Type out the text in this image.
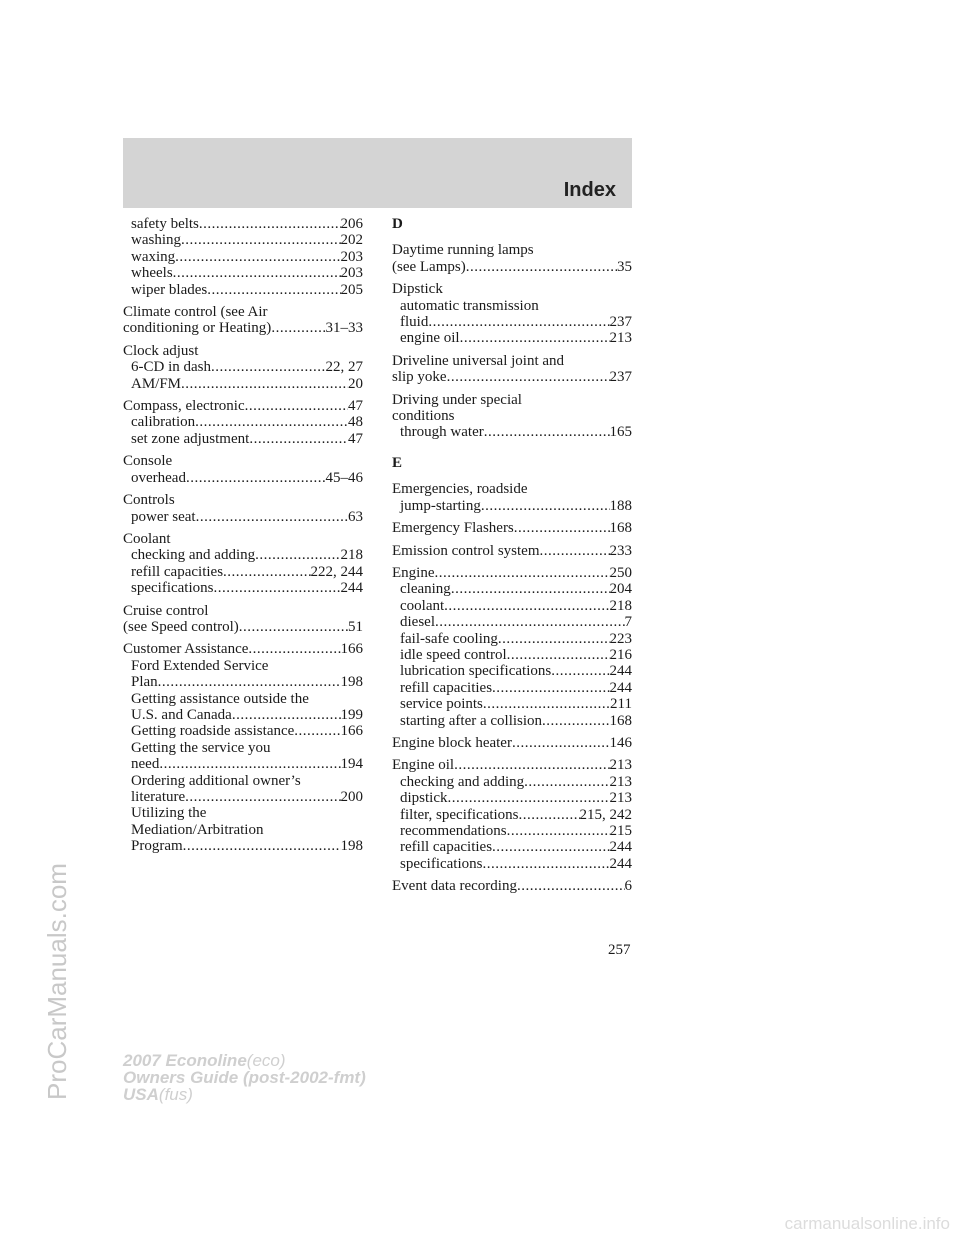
Index
safety belts .....	206
washing .....	202
waxing .....	203
wheels .....	203
wiper blades .....	205
Climate control (see Air
conditioning or Heating) .....	31–33
Clock adjust
6-CD in dash .....	22, 27
AM/FM .....	20
Compass, electronic .....	47
calibration .....	48
set zone adjustment .....	47
Console
overhead .....	45–46
Controls
power seat .....	63
Coolant
checking and adding .....	218
refill capacities .....	222, 244
specifications .....	244
Cruise control
(see Speed control) .....	51
Customer Assistance .....	166
Ford Extended Service
Plan .....	198
Getting assistance outside the
U.S. and Canada .....	199
Getting roadside assistance .....	166
Getting the service you
need .....	194
Ordering additional owner’s
literature .....	200
Utilizing the
Mediation/Arbitration
Program .....	198
D
Daytime running lamps
(see Lamps) .....	35
Dipstick
automatic transmission
fluid .....	237
engine oil .....	213
Driveline universal joint and
slip yoke .....	237
Driving under special
conditions
through water .....	165
E
Emergencies, roadside
jump-starting .....	188
Emergency Flashers .....	168
Emission control system .....	233
Engine .....	250
cleaning .....	204
coolant .....	218
diesel .....	7
fail-safe cooling .....	223
idle speed control .....	216
lubrication specifications .....	244
refill capacities .....	244
service points .....	211
starting after a collision .....	168
Engine block heater .....	146
Engine oil .....	213
checking and adding .....	213
dipstick .....	213
filter, specifications .....	215, 242
recommendations .....	215
refill capacities .....	244
specifications .....	244
Event data recording .....	6
257
ProCarManuals.com	2007 Econoline(eco)
Owners Guide (post-2002-fmt)
USA(fus)
carmanualsonline.info
